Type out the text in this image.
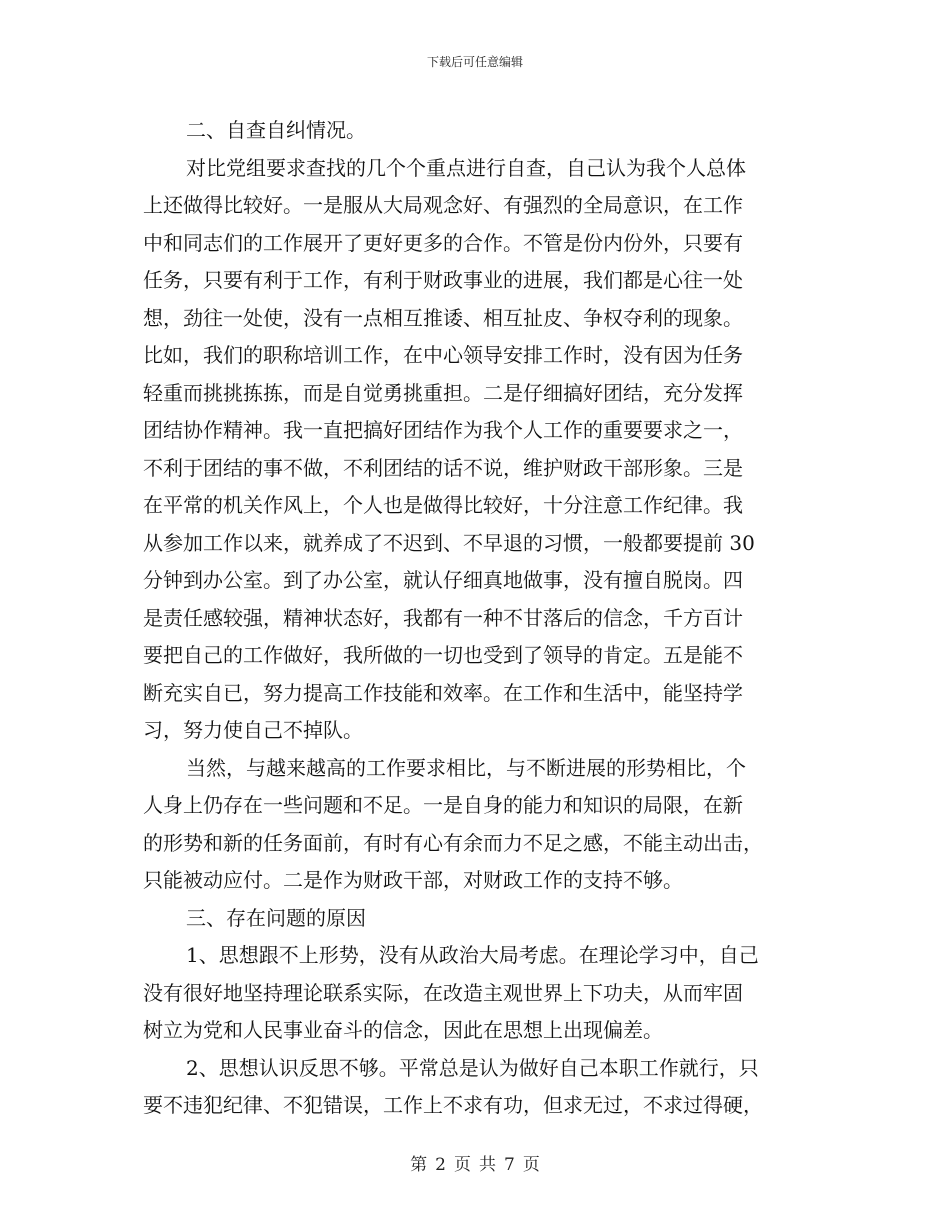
下载后可任意编辑
二、自查自纠情况。
对比党组要求查找的几个个重点进行自查，自己认为我个人总体
上还做得比较好。一是服从大局观念好、有强烈的全局意识，在工作
中和同志们的工作展开了更好更多的合作。不管是份内份外，只要有
任务，只要有利于工作，有利于财政事业的进展，我们都是心往一处
想，劲往一处使，没有一点相互推诿、相互扯皮、争权夺利的现象。
比如，我们的职称培训工作，在中心领导安排工作时，没有因为任务
轻重而挑挑拣拣，而是自觉勇挑重担。二是仔细搞好团结，充分发挥
团结协作精神。我一直把搞好团结作为我个人工作的重要要求之一，
不利于团结的事不做，不利团结的话不说，维护财政干部形象。三是
在平常的机关作风上，个人也是做得比较好，十分注意工作纪律。我
从参加工作以来，就养成了不迟到、不早退的习惯，一般都要提前 30
分钟到办公室。到了办公室，就认仔细真地做事，没有擅自脱岗。四
是责任感较强，精神状态好，我都有一种不甘落后的信念，千方百计
要把自己的工作做好，我所做的一切也受到了领导的肯定。五是能不
断充实自已，努力提高工作技能和效率。在工作和生活中，能坚持学
习，努力使自己不掉队。
当然，与越来越高的工作要求相比，与不断进展的形势相比，个
人身上仍存在一些问题和不足。一是自身的能力和知识的局限，在新
的形势和新的任务面前，有时有心有余而力不足之感，不能主动出击，
只能被动应付。二是作为财政干部，对财政工作的支持不够。
三、存在问题的原因
1、思想跟不上形势，没有从政治大局考虑。在理论学习中，自己
没有很好地坚持理论联系实际，在改造主观世界上下功夫，从而牢固
树立为党和人民事业奋斗的信念，因此在思想上出现偏差。
2、思想认识反思不够。平常总是认为做好自己本职工作就行，只
要不违犯纪律、不犯错误，工作上不求有功，但求无过，不求过得硬，
第 2 页 共 7 页
